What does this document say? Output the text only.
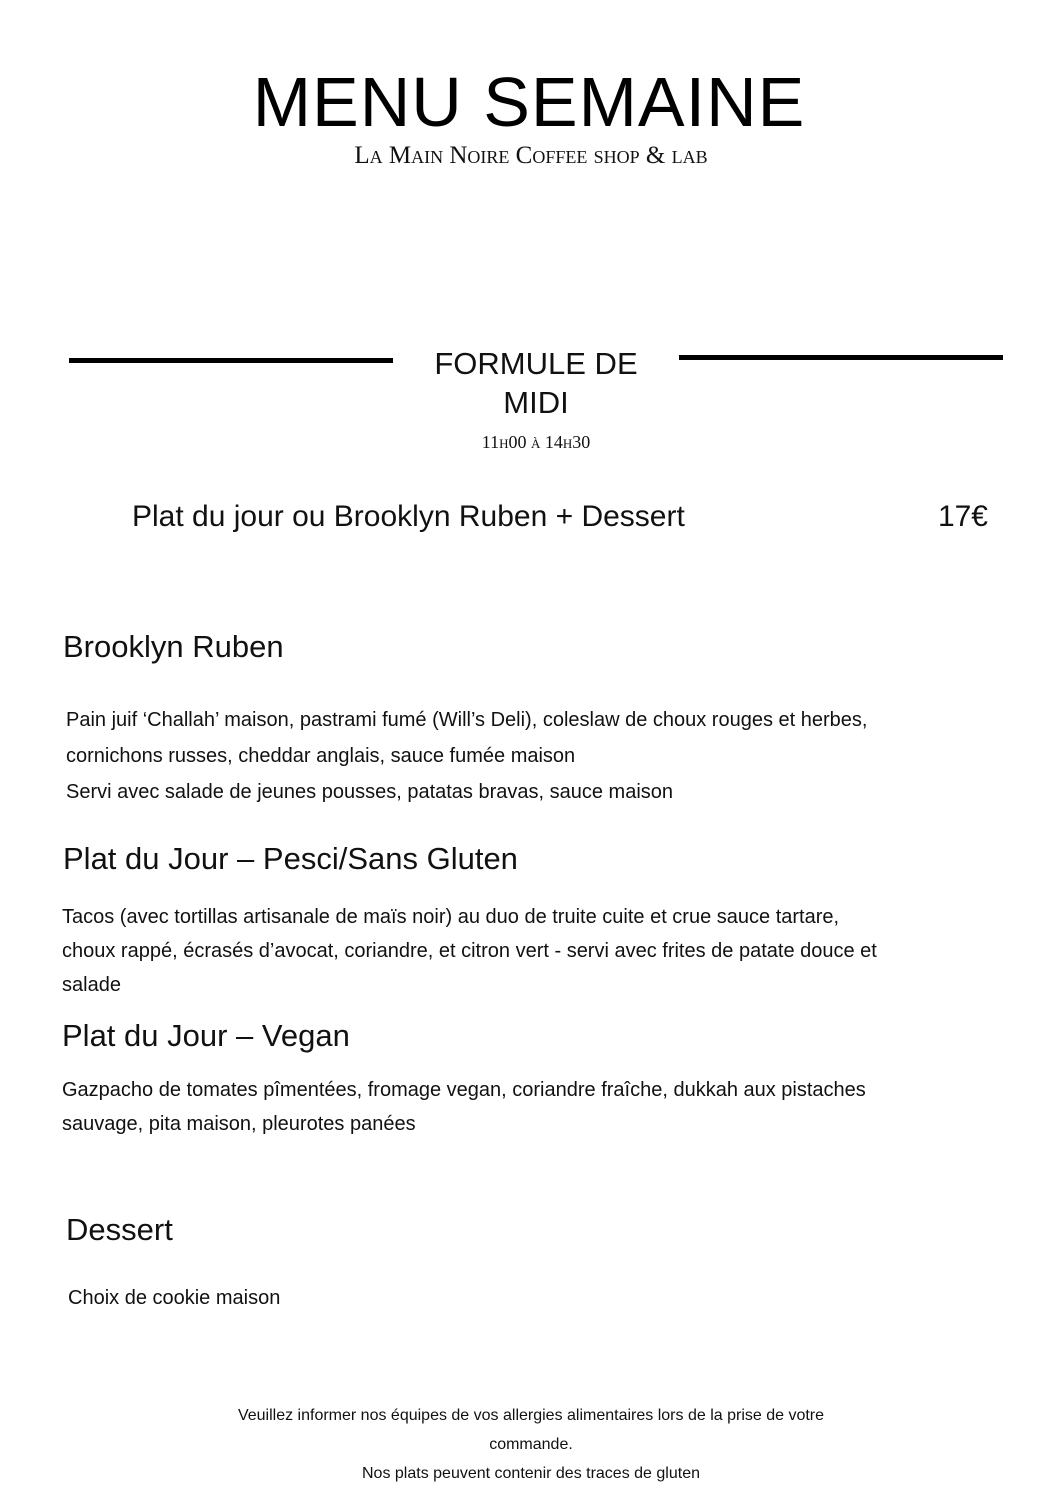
MENU SEMAINE
La Main Noire Coffee shop & lab
FORMULE DE
MIDI
11h00 à 14h30
Plat du jour ou Brooklyn Ruben + Dessert	17€
Brooklyn Ruben
Pain juif ‘Challah’ maison, pastrami fumé (Will’s Deli), coleslaw de choux rouges et herbes,
cornichons russes, cheddar anglais, sauce fumée maison
Servi avec salade de jeunes pousses, patatas bravas, sauce maison
Plat du Jour – Pesci/Sans Gluten
Tacos (avec tortillas artisanale de maïs noir) au duo de truite cuite et crue sauce tartare,
choux rappé, écrasés d’avocat, coriandre, et citron vert - servi avec frites de patate douce et
salade
Plat du Jour – Vegan
Gazpacho de tomates pîmentées, fromage vegan, coriandre fraîche, dukkah aux pistaches
sauvage, pita maison, pleurotes panées
Dessert
Choix de cookie maison
Veuillez informer nos équipes de vos allergies alimentaires lors de la prise de votre
commande.
Nos plats peuvent contenir des traces de gluten
